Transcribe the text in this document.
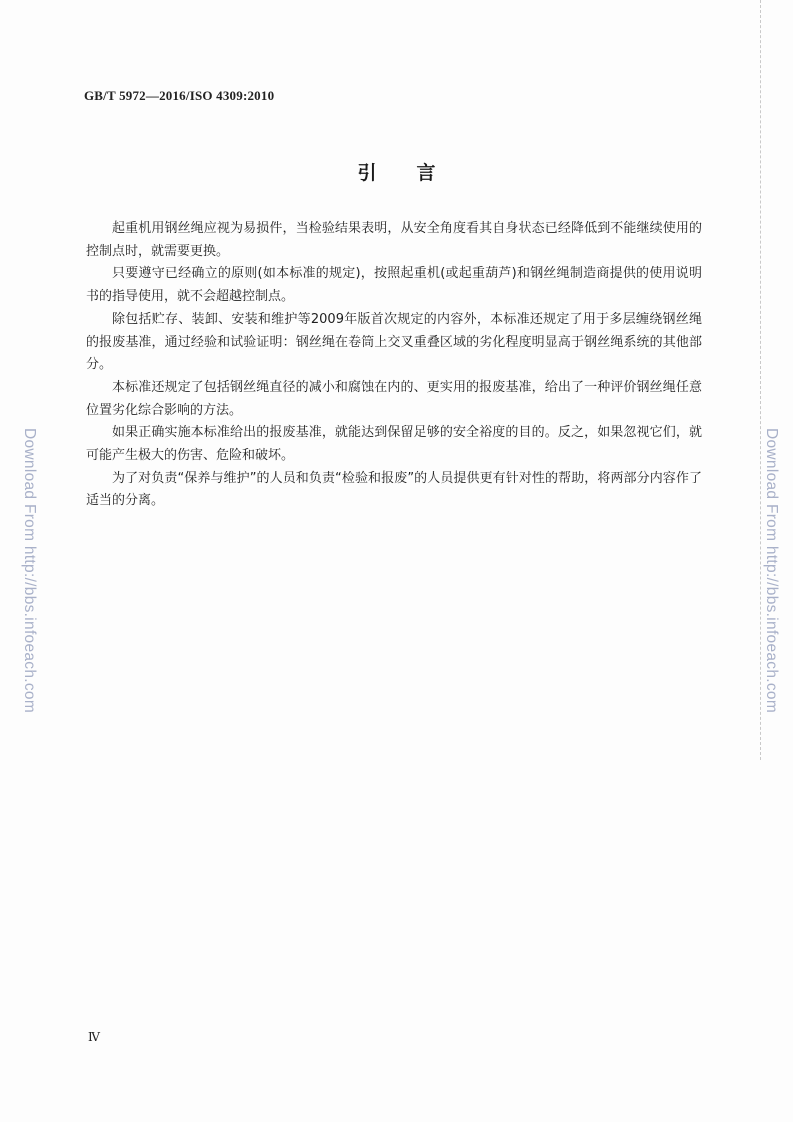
GB/T 5972—2016/ISO 4309:2010
引言

起重机用钢丝绳应视为易损件，当检验结果表明，从安全角度看其自身状态已经降低到不能继续使用的控制点时，就需要更换。

只要遵守已经确立的原则(如本标准的规定)，按照起重机(或起重葫芦)和钢丝绳制造商提供的使用说明书的指导使用，就不会超越控制点。

除包括贮存、装卸、安装和维护等2009年版首次规定的内容外，本标准还规定了用于多层缠绕钢丝绳的报废基准，通过经验和试验证明：钢丝绳在卷筒上交叉重叠区域的劣化程度明显高于钢丝绳系统的其他部分。

本标准还规定了包括钢丝绳直径的减小和腐蚀在内的、更实用的报废基准，给出了一种评价钢丝绳任意位置劣化综合影响的方法。

如果正确实施本标准给出的报废基准，就能达到保留足够的安全裕度的目的。反之，如果忽视它们，就可能产生极大的伤害、危险和破坏。

为了对负责“保养与维护”的人员和负责“检验和报废”的人员提供更有针对性的帮助，将两部分内容作了适当的分离。

Download From http://bbs.infoeach.com	Download From http://bbs.infoeach.com
Ⅳ
